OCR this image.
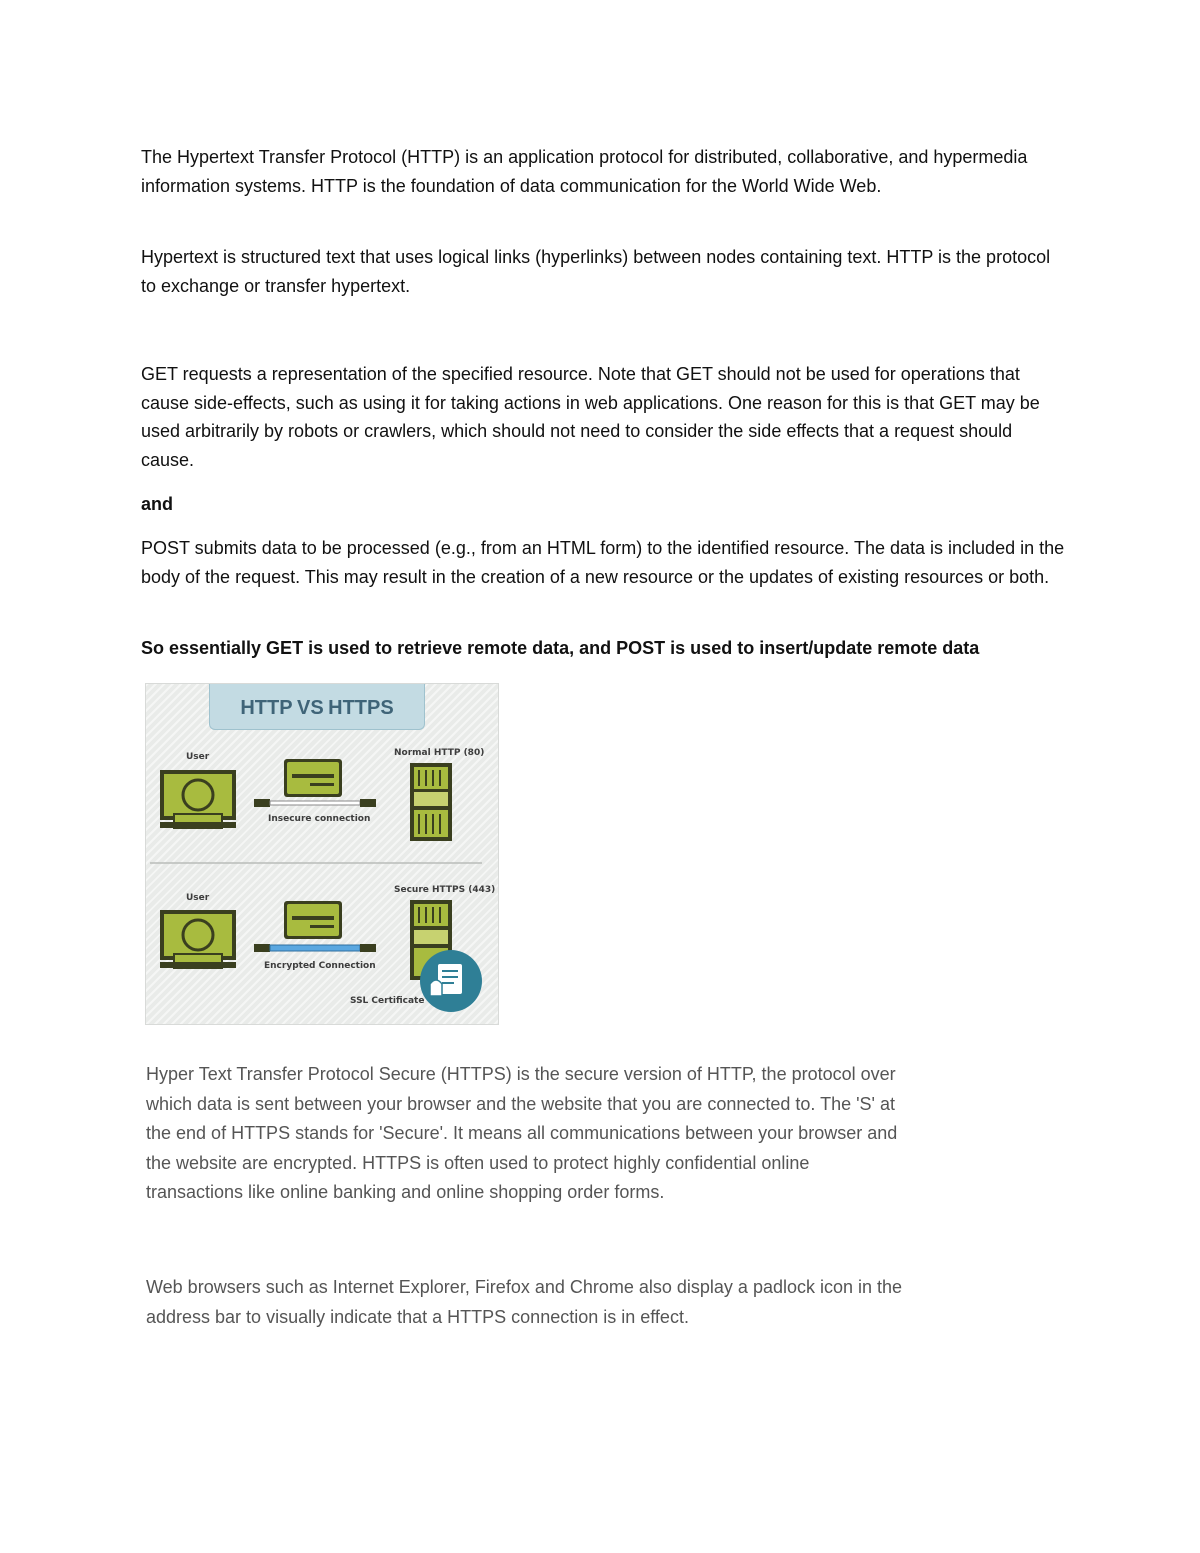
The Hypertext Transfer Protocol (HTTP) is an application protocol for distributed, collaborative, and hypermedia information systems. HTTP is the foundation of data communication for the World Wide Web.

Hypertext is structured text that uses logical links (hyperlinks) between nodes containing text. HTTP is the protocol to exchange or transfer hypertext.

GET requests a representation of the specified resource. Note that GET should not be used for operations that cause side-effects, such as using it for taking actions in web applications. One reason for this is that GET may be used arbitrarily by robots or crawlers, which should not need to consider the side effects that a request should cause.

and

POST submits data to be processed (e.g., from an HTML form) to the identified resource. The data is included in the body of the request. This may result in the creation of a new resource or the updates of existing resources or both.

So essentially GET is used to retrieve remote data, and POST is used to insert/update remote data

HTTP VS HTTPS
User	Normal HTTP (80)
Insecure connection
User
Secure HTTPS (443)
Encrypted Connection
SSL Certificate

Hyper Text Transfer Protocol Secure (HTTPS) is the secure version of HTTP, the protocol over which data is sent between your browser and the website that you are connected to. The 'S' at the end of HTTPS stands for 'Secure'. It means all communications between your browser and the website are encrypted. HTTPS is often used to protect highly confidential online transactions like online banking and online shopping order forms.

Web browsers such as Internet Explorer, Firefox and Chrome also display a padlock icon in the address bar to visually indicate that a HTTPS connection is in effect.
